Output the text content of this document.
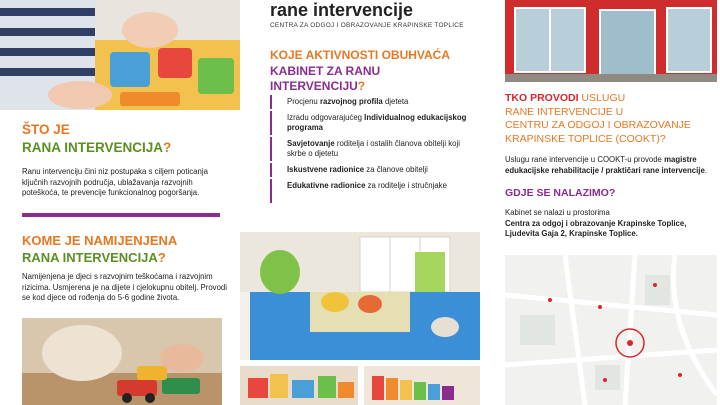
ŠTO JE
RANA INTERVENCIJA?
Ranu intervenciju čini niz postupaka s ciljem poticanja ključnih razvojnih područja, ublažavanja razvojnih poteškoća, te prevencije funkcionalnog pogoršanja.
KOME JE NAMIJENJENA
RANA INTERVENCIJA?
Namijenjena je djeci s razvojnim teškoćama i razvojnim rizicima. Usmjerena je na dijete i cjelokupnu obitelj. Provodi se kod djece od rođenja do 5-6 godine života.
rane intervencije
CENTRA ZA ODGOJ I OBRAZOVANJE KRAPINSKE TOPLICE
KOJE AKTIVNOSTI OBUHVAĆA
KABINET ZA RANU
INTERVENCIJU?
Procjenu razvojnog profila djeteta
Izradu odgovarajućeg Individualnog edukacijskog programa
Savjetovanje roditelja i ostalih članova obitelji koji skrbe o djetetu
Iskustvene radionice za članove obitelji
Edukativne radionice za roditelje i stručnjake
TKO PROVODI USLUGU
RANE INTERVENCIJE U
CENTRU ZA ODGOJ I OBRAZOVANJE
KRAPINSKE TOPLICE (COOKT)?
Uslugu rane intervencije u COOKT-u provode magistre edukacijske rehabilitacije / praktičari rane intervencije.
GDJE SE NALAZIMO?
Kabinet se nalazi u prostorima
Centra za odgoj i obrazovanje Krapinske Toplice,
Ljudevita Gaja 2, Krapinske Toplice.
